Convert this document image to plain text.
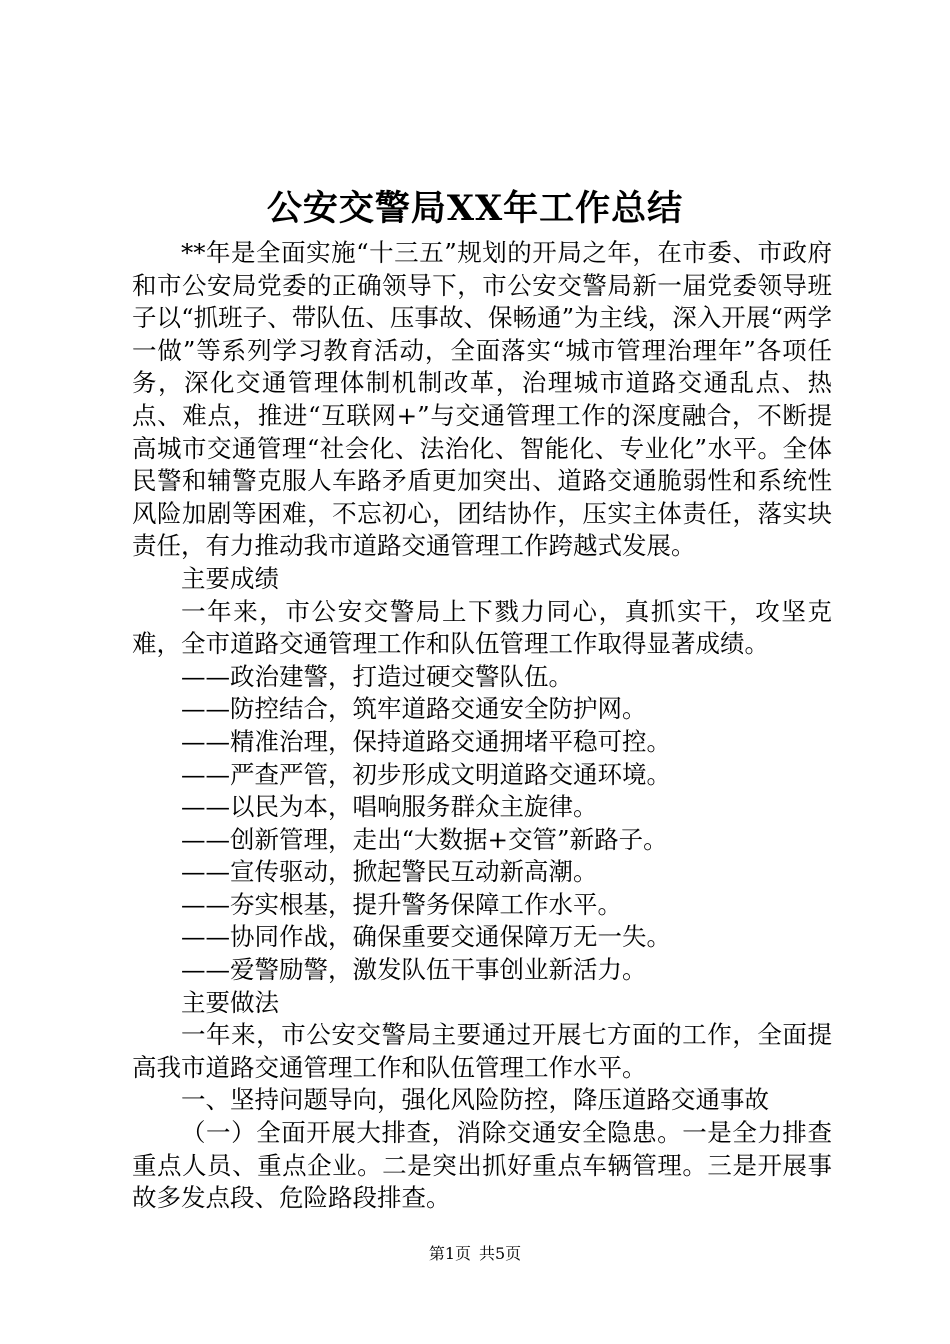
公安交警局XX年工作总结

**年是全面实施“十三五”规划的开局之年，在市委、市政府和市公安局党委的正确领导下，市公安交警局新一届党委领导班子以“抓班子、带队伍、压事故、保畅通”为主线，深入开展“两学一做”等系列学习教育活动，全面落实“城市管理治理年”各项任务，深化交通管理体制机制改革，治理城市道路交通乱点、热点、难点，推进“互联网+”与交通管理工作的深度融合，不断提高城市交通管理“社会化、法治化、智能化、专业化”水平。全体民警和辅警克服人车路矛盾更加突出、道路交通脆弱性和系统性风险加剧等困难，不忘初心，团结协作，压实主体责任，落实块责任，有力推动我市道路交通管理工作跨越式发展。

主要成绩

一年来，市公安交警局上下戮力同心，真抓实干，攻坚克难，全市道路交通管理工作和队伍管理工作取得显著成绩。

——政治建警，打造过硬交警队伍。

——防控结合，筑牢道路交通安全防护网。

——精准治理，保持道路交通拥堵平稳可控。

——严查严管，初步形成文明道路交通环境。

——以民为本，唱响服务群众主旋律。

——创新管理，走出“大数据+交管”新路子。

——宣传驱动，掀起警民互动新高潮。

——夯实根基，提升警务保障工作水平。

——协同作战，确保重要交通保障万无一失。

——爱警励警，激发队伍干事创业新活力。

主要做法

一年来，市公安交警局主要通过开展七方面的工作，全面提高我市道路交通管理工作和队伍管理工作水平。

一、坚持问题导向，强化风险防控，降压道路交通事故

（一）全面开展大排查，消除交通安全隐患。一是全力排查重点人员、重点企业。二是突出抓好重点车辆管理。三是开展事故多发点段、危险路段排查。

第1页 共5页
